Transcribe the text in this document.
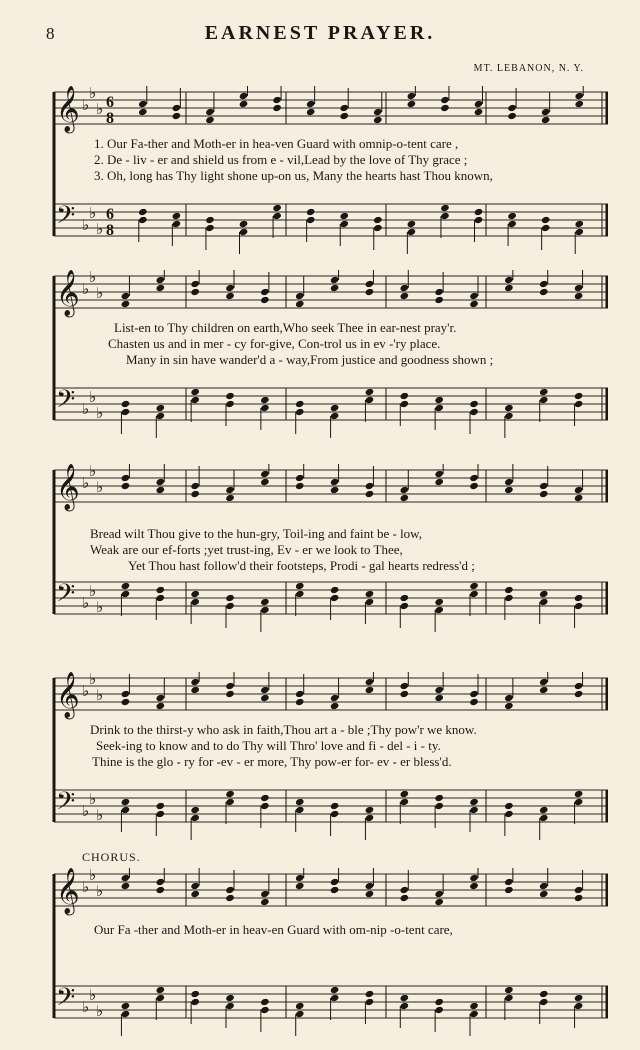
8	EARNEST PRAYER.
MT. LEBANON, N. Y.
𝄞 ♭
♭
♭ 6
8
𝄢 ♭
♭
♭
6
8
1. Our Fa-ther and Moth-er in hea-ven Guard with omnip-o-tent care ,
2. De - liv - er and shield us from e - vil,Lead by the love of Thy grace ;
3. Oh, long has Thy light shone up-on us, Many the hearts hast Thou known,
𝄞 ♭
♭
♭
𝄢 ♭
♭
♭
List-en to Thy children on earth,Who seek Thee in ear-nest pray'r.
Chasten us and in mer - cy for-give, Con-trol us in ev -'ry place.
Many in sin have wander'd a - way,From justice and goodness shown ;
𝄞 ♭
♭
♭
𝄢 ♭
♭
♭
Bread wilt Thou give to the hun-gry, Toil-ing and faint be - low,
Weak are our ef-forts ;yet trust-ing, Ev - er we look to Thee,
Yet Thou hast follow'd their footsteps, Prodi - gal hearts redress'd ;
𝄞 ♭
♭
♭
𝄢 ♭
♭
♭
Drink to the thirst-y who ask in faith,Thou art a - ble ;Thy pow'r we know.
Seek-ing to know and to do Thy will Thro' love and fi - del - i - ty.
Thine is the glo - ry for -ev - er more, Thy pow-er for- ev - er bless'd.
CHORUS.
𝄞 ♭
♭
♭
𝄢 ♭
♭
♭
Our Fa -ther and Moth-er in heav-en Guard with om-nip -o-tent care,
